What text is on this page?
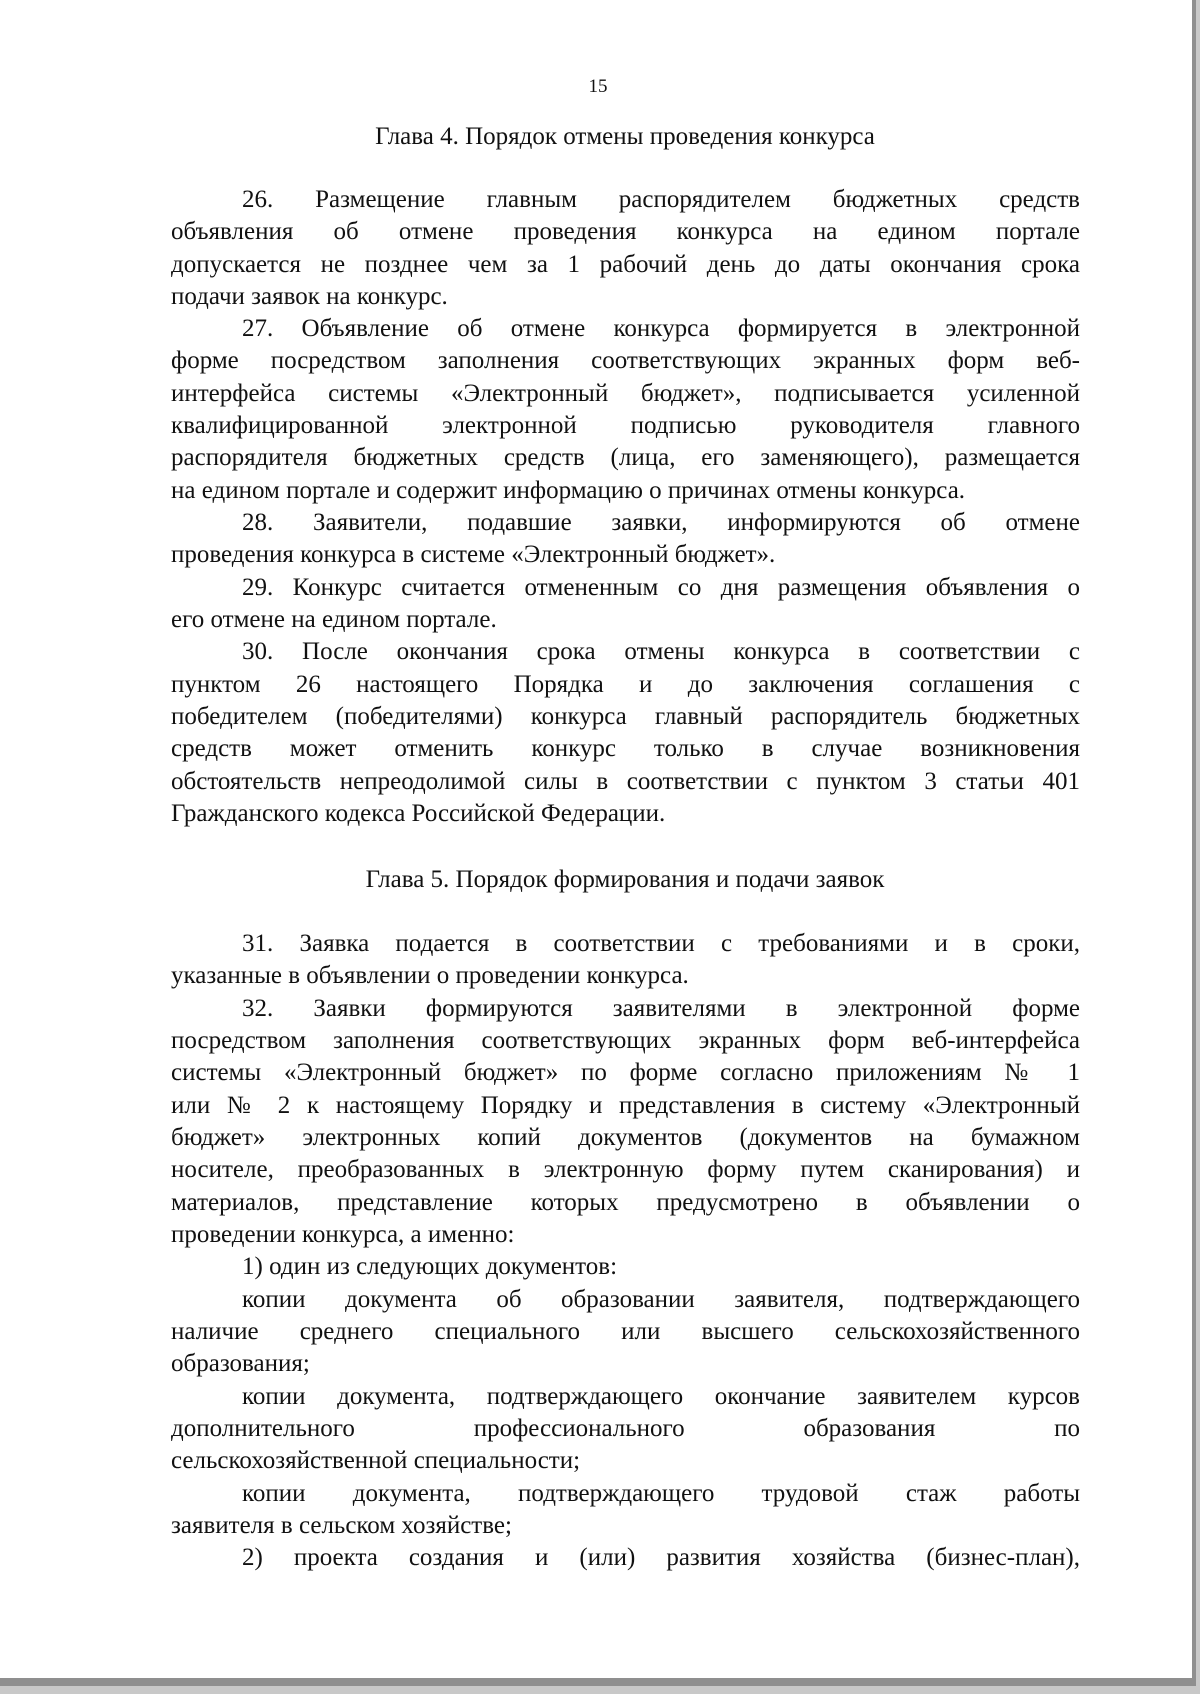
15
Глава 4. Порядок отмены проведения конкурса
26. Размещение главным распорядителем бюджетных средств
объявления об отмене проведения конкурса на едином портале
допускается не позднее чем за 1 рабочий день до даты окончания срока
подачи заявок на конкурс.
27. Объявление об отмене конкурса формируется в электронной
форме посредством заполнения соответствующих экранных форм веб-
интерфейса системы «Электронный бюджет», подписывается усиленной
квалифицированной электронной подписью руководителя главного
распорядителя бюджетных средств (лица, его заменяющего), размещается
на едином портале и содержит информацию о причинах отмены конкурса.
28. Заявители, подавшие заявки, информируются об отмене
проведения конкурса в системе «Электронный бюджет».
29. Конкурс считается отмененным со дня размещения объявления о
его отмене на едином портале.
30. После окончания срока отмены конкурса в соответствии с
пунктом 26 настоящего Порядка и до заключения соглашения с
победителем (победителями) конкурса главный распорядитель бюджетных
средств может отменить конкурс только в случае возникновения
обстоятельств непреодолимой силы в соответствии с пунктом 3 статьи 401
Гражданского кодекса Российской Федерации.
Глава 5. Порядок формирования и подачи заявок
31. Заявка подается в соответствии с требованиями и в сроки,
указанные в объявлении о проведении конкурса.
32. Заявки формируются заявителями в электронной форме
посредством заполнения соответствующих экранных форм веб-интерфейса
системы «Электронный бюджет» по форме согласно приложениям № 1
или № 2 к настоящему Порядку и представления в систему «Электронный
бюджет» электронных копий документов (документов на бумажном
носителе, преобразованных в электронную форму путем сканирования) и
материалов, представление которых предусмотрено в объявлении о
проведении конкурса, а именно:
1) один из следующих документов:
копии документа об образовании заявителя, подтверждающего
наличие среднего специального или высшего сельскохозяйственного
образования;
копии документа, подтверждающего окончание заявителем курсов
дополнительного профессионального образования по
сельскохозяйственной специальности;
копии документа, подтверждающего трудовой стаж работы
заявителя в сельском хозяйстве;
2) проекта создания и (или) развития хозяйства (бизнес-план),
